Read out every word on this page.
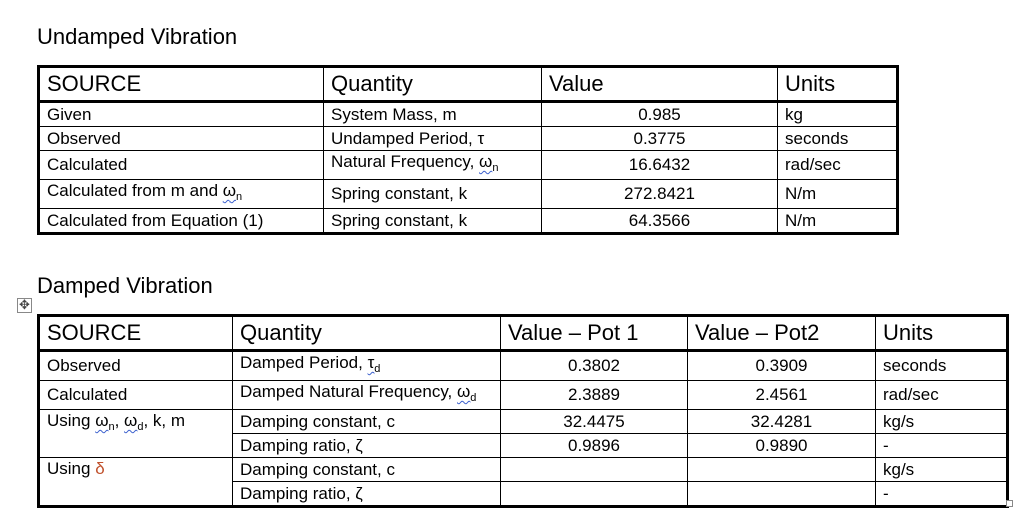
Undamped Vibration
SOURCE	Quantity	Value	Units
Given	System Mass, m	0.985	kg
Observed	Undamped Period, τ	0.3775	seconds
Calculated	Natural Frequency, $\omega_n$	16.6432	rad/sec
Calculated from m and $\omega_n$	Spring constant, k	272.8421	N/m
Calculated from Equation (1)	Spring constant, k	64.3566	N/m
Damped Vibration
✥
SOURCE	Quantity	Value – Pot 1	Value – Pot2	Units
Observed	Damped Period, $\tau_d$	0.3802	0.3909	seconds
Calculated	Damped Natural Frequency, $\omega_d$	2.3889	2.4561	rad/sec
Using $\omega_n$, $\omega_d$, k, m	Damping constant, c	32.4475	32.4281	kg/s
	Damping ratio, ζ	0.9896	0.9890	-
Using δ	Damping constant, c			kg/s
	Damping ratio, ζ			-
